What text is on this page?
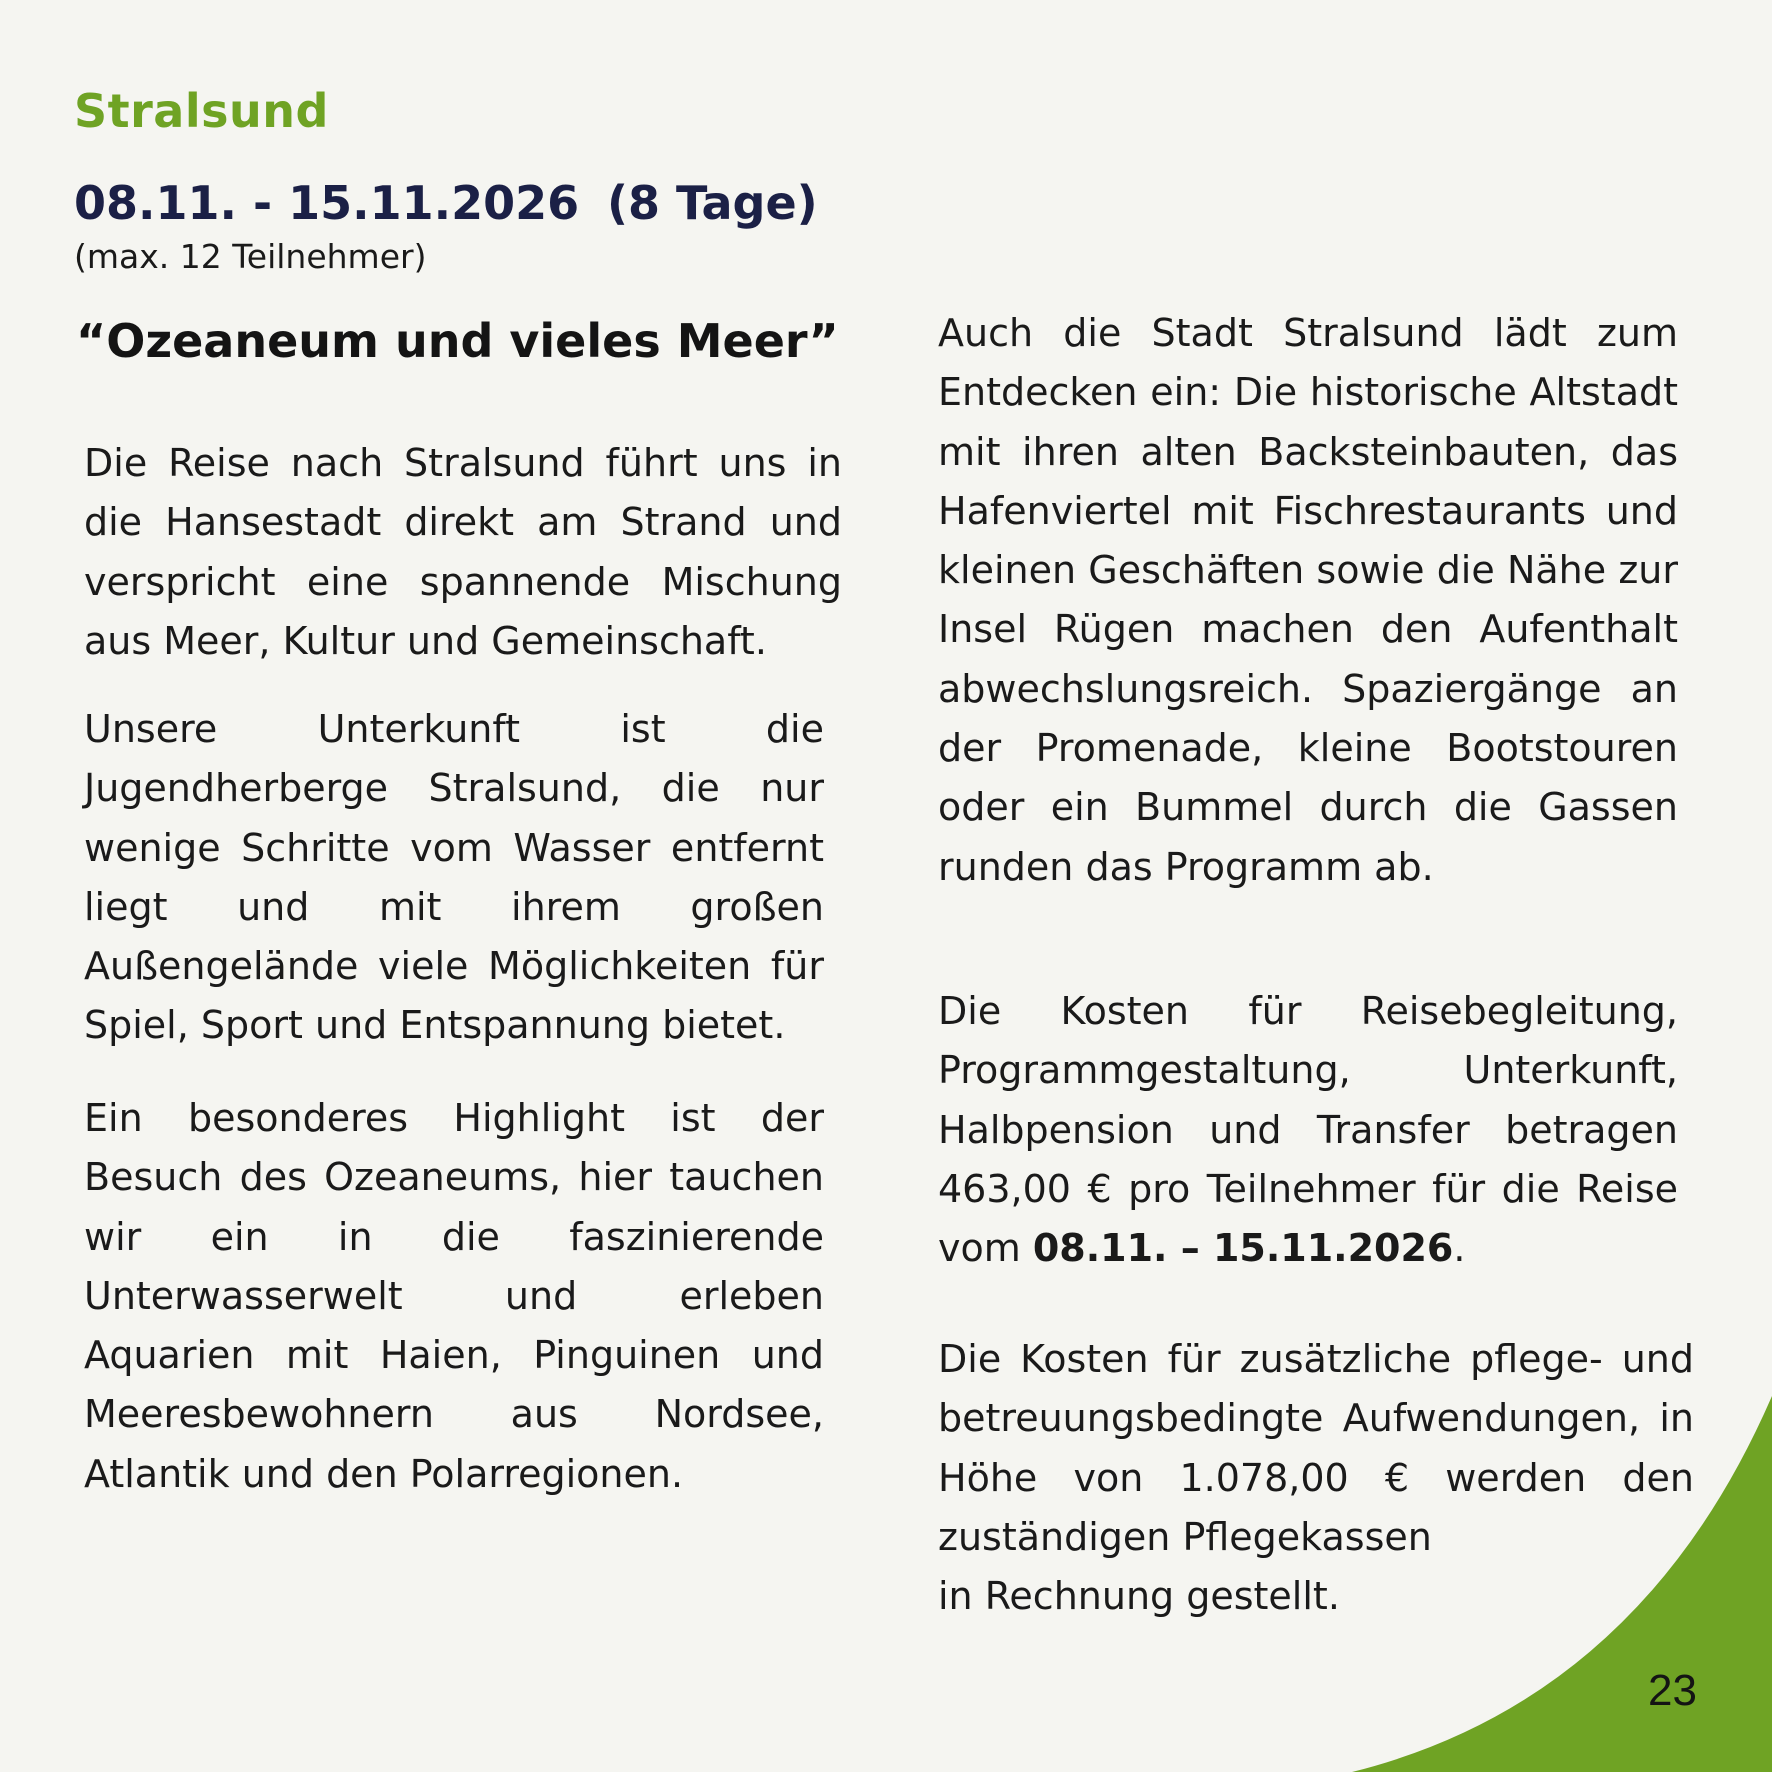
Stralsund
08.11. - 15.11.2026 (8 Tage)
(max. 12 Teilnehmer)
“Ozeaneum und vieles Meer”

Die Reise nach Stralsund führt uns in die Hansestadt direkt am Strand und verspricht eine spannende Mischung aus Meer, Kultur und Gemeinschaft.

Unsere Unterkunft ist die Jugendherberge Stralsund, die nur wenige Schritte vom Wasser entfernt liegt und mit ihrem großen Außengelände viele Möglichkeiten für Spiel, Sport und Entspannung bietet.

Ein besonderes Highlight ist der Besuch des Ozeaneums, hier tauchen wir ein in die faszinierende Unterwasserwelt und erleben Aquarien mit Haien, Pinguinen und Meeresbewohnern aus Nordsee, Atlantik und den Polarregionen.

Auch die Stadt Stralsund lädt zum Entdecken ein: Die historische Altstadt mit ihren alten Backsteinbauten, das Hafenviertel mit Fischrestaurants und kleinen Geschäften sowie die Nähe zur Insel Rügen machen den Aufenthalt abwechslungsreich. Spaziergänge an der Promenade, kleine Bootstouren oder ein Bummel durch die Gassen runden das Programm ab.

Die Kosten für Reisebegleitung, Programmgestaltung, Unterkunft, Halbpension und Transfer betragen 463,00 € pro Teilnehmer für die Reise vom 08.11. – 15.11.2026.

Die Kosten für zusätzliche pflege- und betreuungsbedingte Aufwendungen, in Höhe von 1.078,00 € werden den zuständigen Pflegekassen

in Rechnung gestellt.

23
